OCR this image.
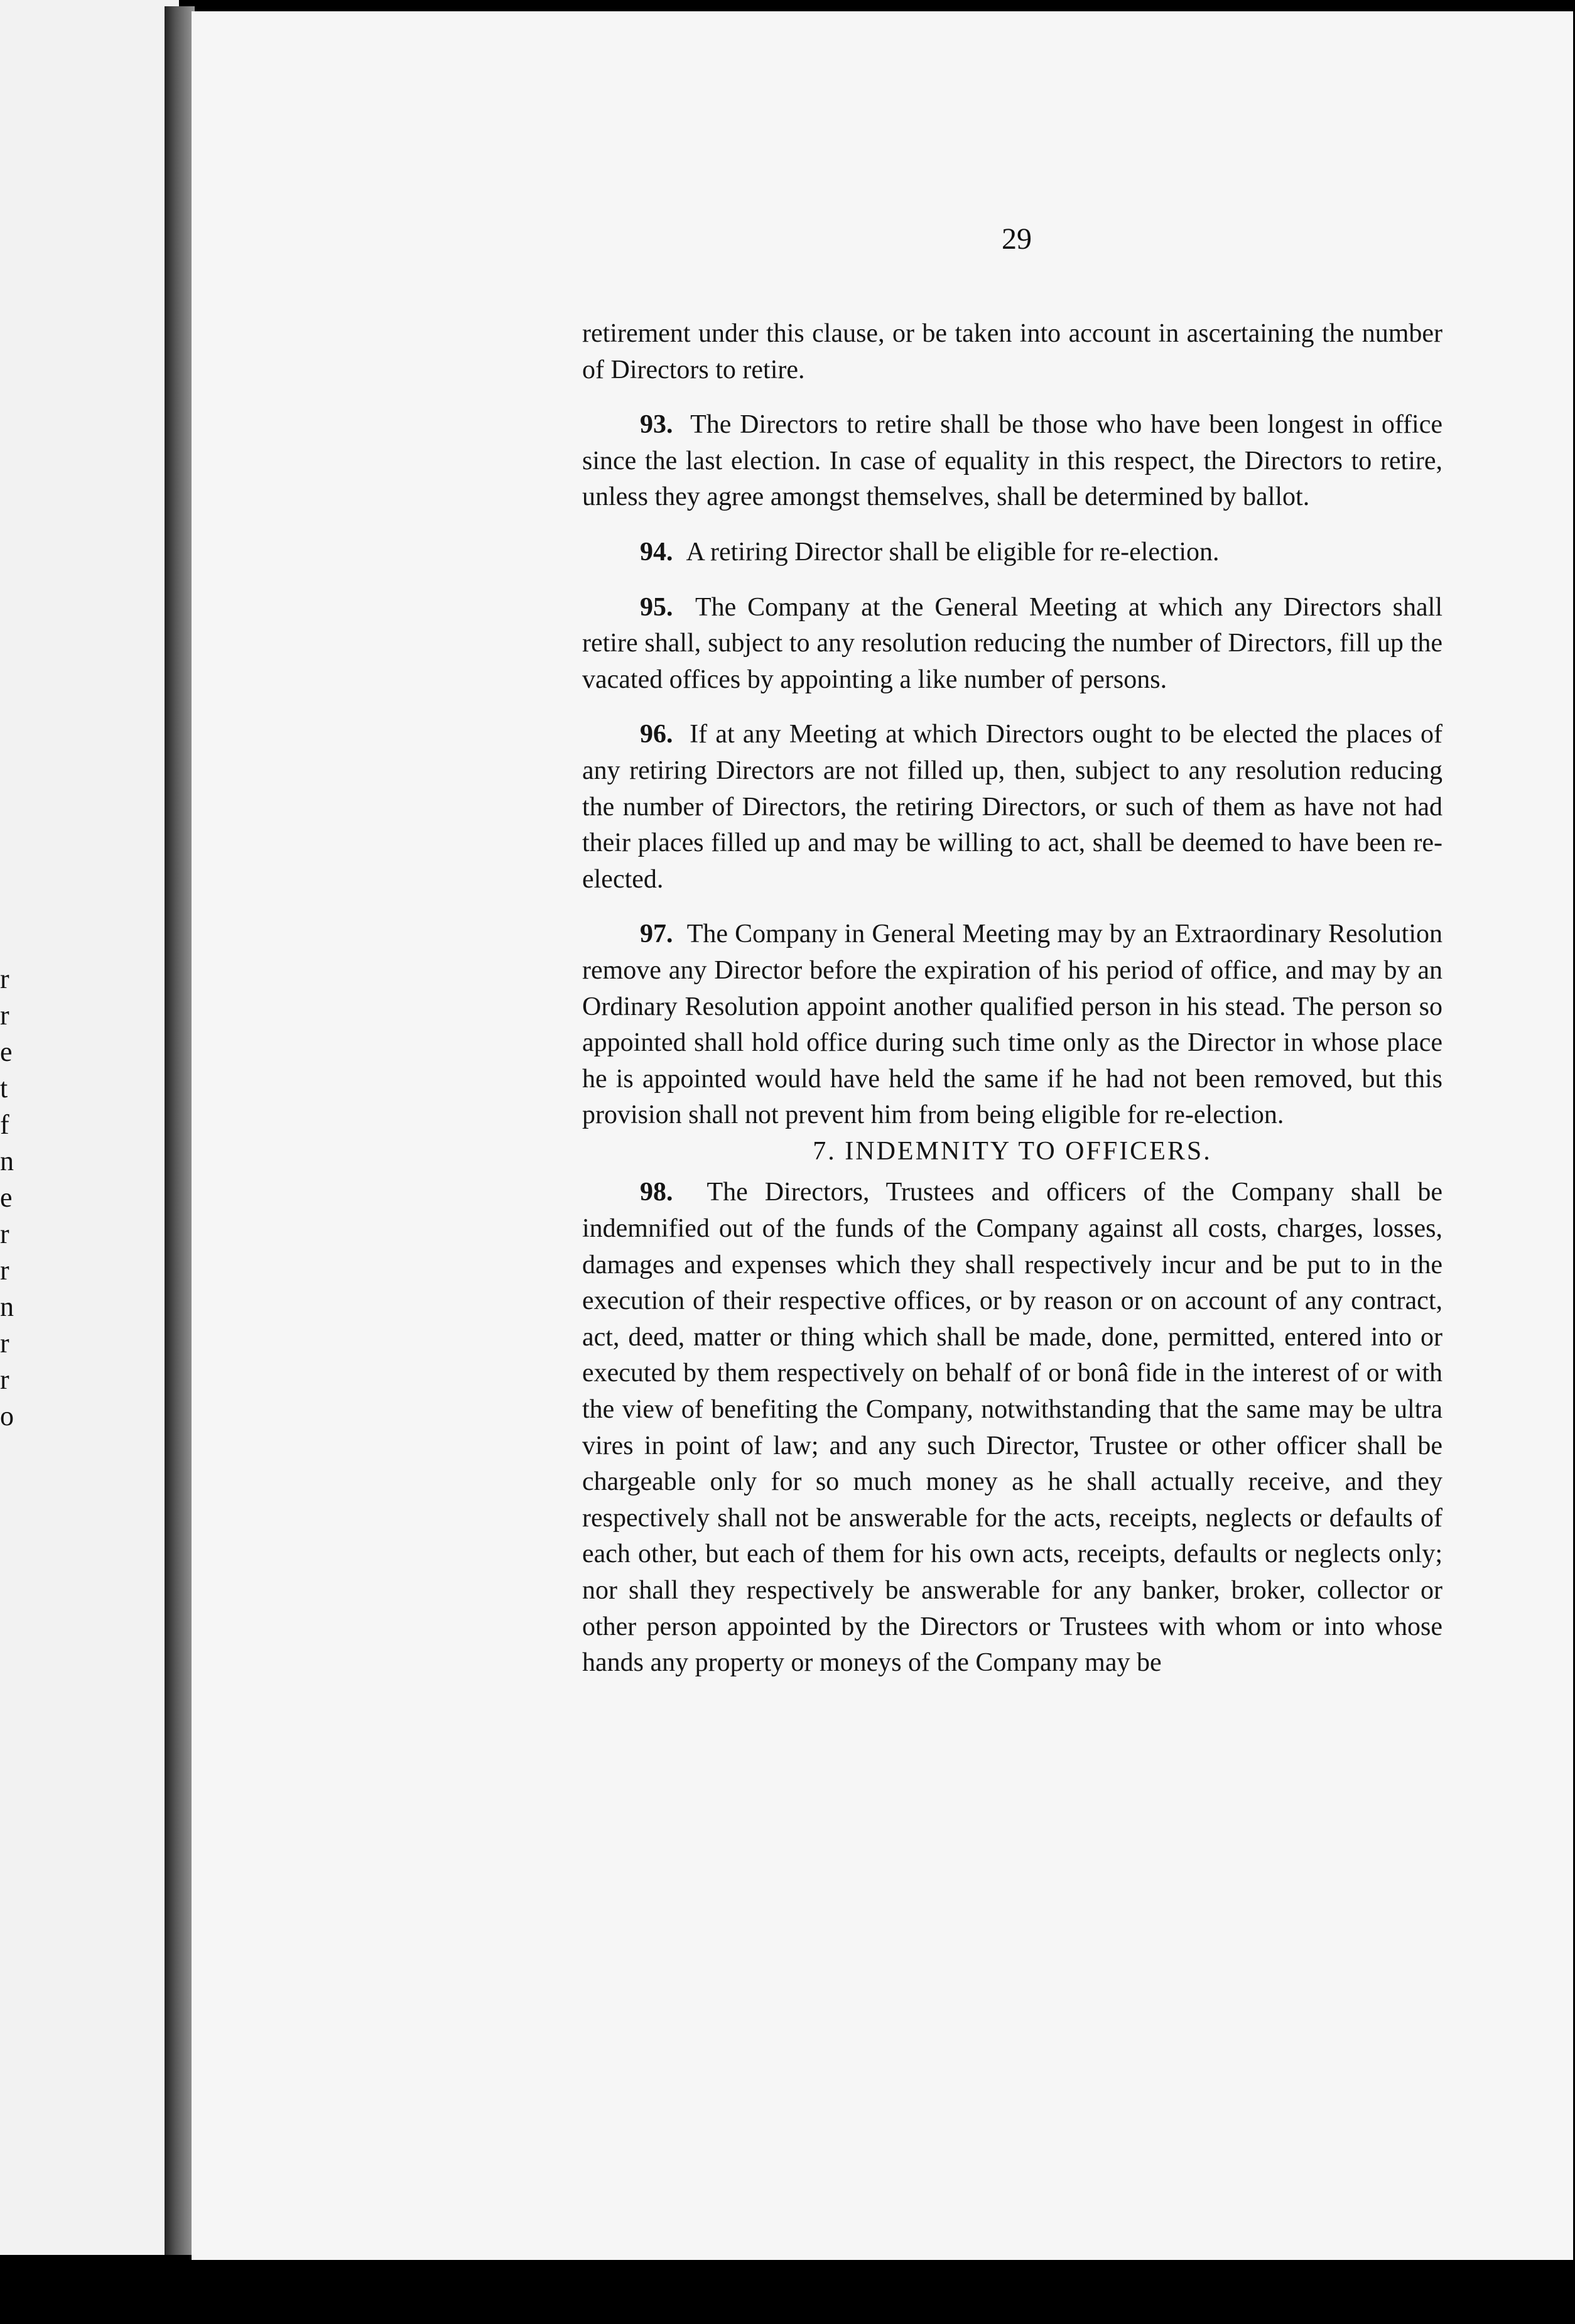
r
r
e
t
f
n
e
r
r
n
r
r
o
29

retirement under this clause, or be taken into account in ascertaining the number of Directors to retire.

93. The Directors to retire shall be those who have been longest in office since the last election. In case of equality in this respect, the Directors to retire, unless they agree amongst themselves, shall be determined by ballot.

94. A retiring Director shall be eligible for re-election.

95. The Company at the General Meeting at which any Directors shall retire shall, subject to any resolution reducing the number of Directors, fill up the vacated offices by appointing a like number of persons.

96. If at any Meeting at which Directors ought to be elected the places of any retiring Directors are not filled up, then, subject to any resolution reducing the number of Directors, the retiring Directors, or such of them as have not had their places filled up and may be willing to act, shall be deemed to have been re-elected.

97. The Company in General Meeting may by an Extraordinary Resolution remove any Director before the expiration of his period of office, and may by an Ordinary Resolution appoint another qualified person in his stead. The person so appointed shall hold office during such time only as the Director in whose place he is appointed would have held the same if he had not been removed, but this provision shall not prevent him from being eligible for re-election.

7. INDEMNITY TO OFFICERS.

98. The Directors, Trustees and officers of the Company shall be indemnified out of the funds of the Company against all costs, charges, losses, damages and expenses which they shall respectively incur and be put to in the execution of their respective offices, or by reason or on account of any contract, act, deed, matter or thing which shall be made, done, permitted, entered into or executed by them respectively on behalf of or bonâ fide in the interest of or with the view of benefiting the Company, notwithstanding that the same may be ultra vires in point of law; and any such Director, Trustee or other officer shall be chargeable only for so much money as he shall actually receive, and they respectively shall not be answerable for the acts, receipts, neglects or defaults of each other, but each of them for his own acts, receipts, defaults or neglects only; nor shall they respectively be answerable for any banker, broker, collector or other person appointed by the Directors or Trustees with whom or into whose hands any property or moneys of the Company may be
